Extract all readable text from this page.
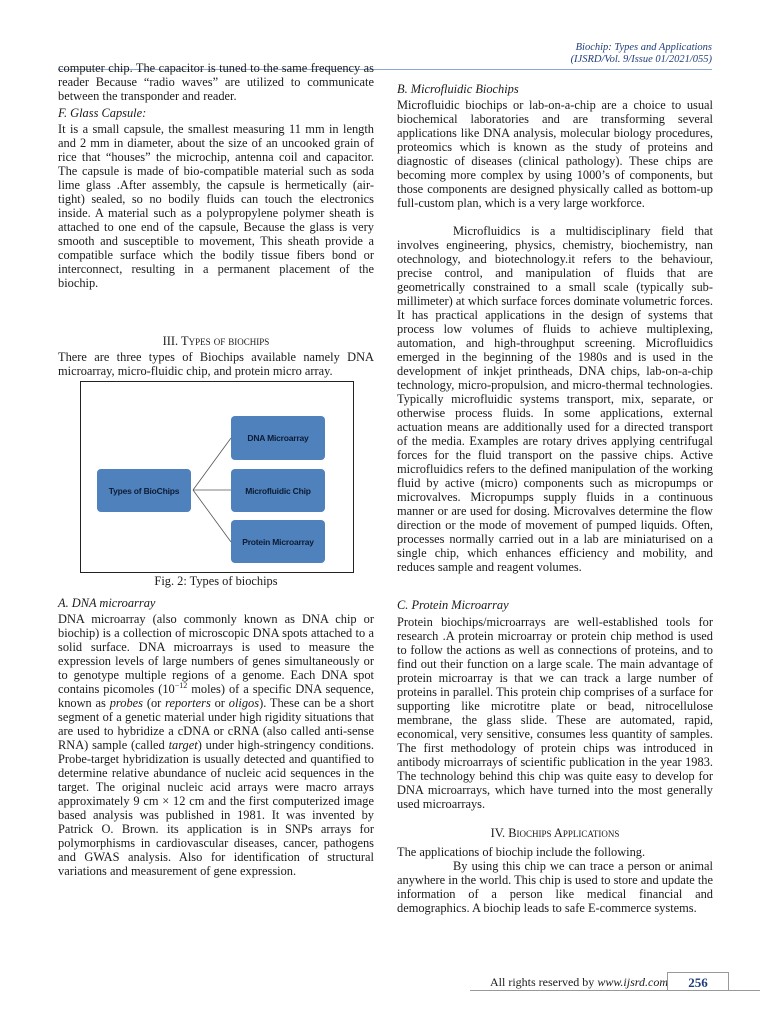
Biochip: Types and Applications
(IJSRD/Vol. 9/Issue 01/2021/055)

computer chip. The capacitor is tuned to the same frequency as reader Because “radio waves” are utilized to communicate between the transponder and reader.

F. Glass Capsule:

It is a small capsule, the smallest measuring 11 mm in length and 2 mm in diameter, about the size of an uncooked grain of rice that “houses” the microchip, antenna coil and capacitor. The capsule is made of bio-compatible material such as soda lime glass .After assembly, the capsule is hermetically (air-tight) sealed, so no bodily fluids can touch the electronics inside. A material such as a polypropylene polymer sheath is attached to one end of the capsule, Because the glass is very smooth and susceptible to movement, This sheath provide a compatible surface which the bodily tissue fibers bond or interconnect, resulting in a permanent placement of the biochip.

III. Types of biochips

There are three types of Biochips available namely DNA microarray, micro-fluidic chip, and protein micro array.

Types of BioChips
DNA Microarray
Microfluidic Chip
Protein Microarray
Fig. 2: Types of biochips
A. DNA microarray

DNA microarray (also commonly known as DNA chip or biochip) is a collection of microscopic DNA spots attached to a solid surface. DNA microarrays is used to measure the expression levels of large numbers of genes simultaneously or to genotype multiple regions of a genome. Each DNA spot contains picomoles ($10^{-12}$ moles) of a specific DNA sequence, known as probes (or reporters or oligos). These can be a short segment of a genetic material under high rigidity situations that are used to hybridize a cDNA or cRNA (also called anti-sense RNA) sample (called target) under high-stringency conditions. Probe-target hybridization is usually detected and quantified to determine relative abundance of nucleic acid sequences in the target. The original nucleic acid arrays were macro arrays approximately 9 cm × 12 cm and the first computerized image based analysis was published in 1981. It was invented by Patrick O. Brown. its application is in SNPs arrays for polymorphisms in cardiovascular diseases, cancer, pathogens and GWAS analysis. Also for identification of structural variations and measurement of gene expression.

B. Microfluidic Biochips

Microfluidic biochips or lab-on-a-chip are a choice to usual biochemical laboratories and are transforming several applications like DNA analysis, molecular biology procedures, proteomics which is known as the study of proteins and diagnostic of diseases (clinical pathology). These chips are becoming more complex by using 1000’s of components, but those components are designed physically called as bottom-up full-custom plan, which is a very large workforce.

Microfluidics is a multidisciplinary field that involves engineering, physics, chemistry, biochemistry, nan otechnology, and biotechnology.it refers to the behaviour, precise control, and manipulation of fluids that are geometrically constrained to a small scale (typically sub-millimeter) at which surface forces dominate volumetric forces. It has practical applications in the design of systems that process low volumes of fluids to achieve multiplexing, automation, and high-throughput screening. Microfluidics emerged in the beginning of the 1980s and is used in the development of inkjet printheads, DNA chips, lab-on-a-chip technology, micro-propulsion, and micro-thermal technologies. Typically microfluidic systems transport, mix, separate, or otherwise process fluids. In some applications, external actuation means are additionally used for a directed transport of the media. Examples are rotary drives applying centrifugal forces for the fluid transport on the passive chips. Active microfluidics refers to the defined manipulation of the working fluid by active (micro) components such as micropumps or microvalves. Micropumps supply fluids in a continuous manner or are used for dosing. Microvalves determine the flow direction or the mode of movement of pumped liquids. Often, processes normally carried out in a lab are miniaturised on a single chip, which enhances efficiency and mobility, and reduces sample and reagent volumes.

C. Protein Microarray

Protein biochips/microarrays are well-established tools for research .A protein microarray or protein chip method is used to follow the actions as well as connections of proteins, and to find out their function on a large scale. The main advantage of protein microarray is that we can track a large number of proteins in parallel. This protein chip comprises of a surface for supporting like microtitre plate or bead, nitrocellulose membrane, the glass slide. These are automated, rapid, economical, very sensitive, consumes less quantity of samples. The first methodology of protein chips was introduced in antibody microarrays of scientific publication in the year 1983. The technology behind this chip was quite easy to develop for DNA microarrays, which have turned into the most generally used microarrays.

IV. Biochips Applications

The applications of biochip include the following.

By using this chip we can trace a person or animal anywhere in the world. This chip is used to store and update the information of a person like medical financial and demographics. A biochip leads to safe E-commerce systems.

All rights reserved by www.ijsrd.com	256
